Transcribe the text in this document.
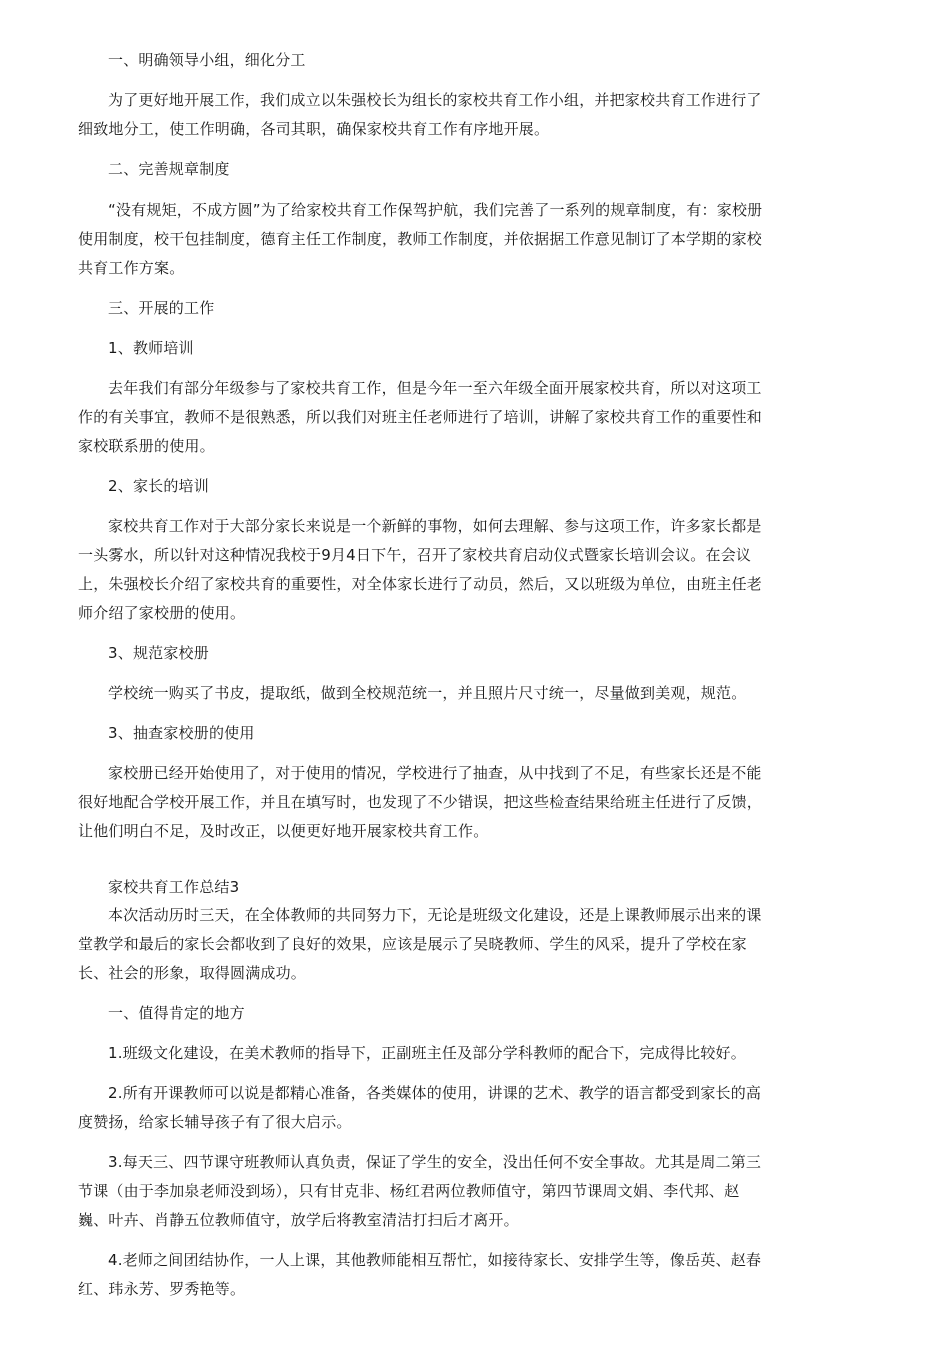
一、明确领导小组，细化分工
为了更好地开展工作，我们成立以朱强校长为组长的家校共育工作小组，并把家校共育工作进行了
细致地分工，使工作明确，各司其职，确保家校共育工作有序地开展。
二、完善规章制度
“没有规矩，不成方圆”为了给家校共育工作保驾护航，我们完善了一系列的规章制度，有：家校册
使用制度，校干包挂制度，德育主任工作制度，教师工作制度，并依据据工作意见制订了本学期的家校
共育工作方案。
三、开展的工作
1、教师培训
去年我们有部分年级参与了家校共育工作，但是今年一至六年级全面开展家校共育，所以对这项工
作的有关事宜，教师不是很熟悉，所以我们对班主任老师进行了培训，讲解了家校共育工作的重要性和
家校联系册的使用。
2、家长的培训
家校共育工作对于大部分家长来说是一个新鲜的事物，如何去理解、参与这项工作，许多家长都是
一头雾水，所以针对这种情况我校于9月4日下午，召开了家校共育启动仪式暨家长培训会议。在会议
上，朱强校长介绍了家校共育的重要性，对全体家长进行了动员，然后，又以班级为单位，由班主任老
师介绍了家校册的使用。
3、规范家校册
学校统一购买了书皮，提取纸，做到全校规范统一，并且照片尺寸统一，尽量做到美观，规范。
3、抽查家校册的使用
家校册已经开始使用了，对于使用的情况，学校进行了抽查，从中找到了不足，有些家长还是不能
很好地配合学校开展工作，并且在填写时，也发现了不少错误，把这些检查结果给班主任进行了反馈，
让他们明白不足，及时改正，以便更好地开展家校共育工作。
家校共育工作总结3
本次活动历时三天，在全体教师的共同努力下，无论是班级文化建设，还是上课教师展示出来的课
堂教学和最后的家长会都收到了良好的效果，应该是展示了吴晓教师、学生的风采，提升了学校在家
长、社会的形象，取得圆满成功。
一、值得肯定的地方
1.班级文化建设，在美术教师的指导下，正副班主任及部分学科教师的配合下，完成得比较好。
2.所有开课教师可以说是都精心准备，各类媒体的使用，讲课的艺术、教学的语言都受到家长的高
度赞扬，给家长辅导孩子有了很大启示。
3.每天三、四节课守班教师认真负责，保证了学生的安全，没出任何不安全事故。尤其是周二第三
节课（由于李加泉老师没到场），只有甘克非、杨红君两位教师值守，第四节课周文娟、李代邦、赵
巍、叶卉、肖静五位教师值守，放学后将教室清洁打扫后才离开。
4.老师之间团结协作，一人上课，其他教师能相互帮忙，如接待家长、安排学生等，像岳英、赵春
红、玮永芳、罗秀艳等。
